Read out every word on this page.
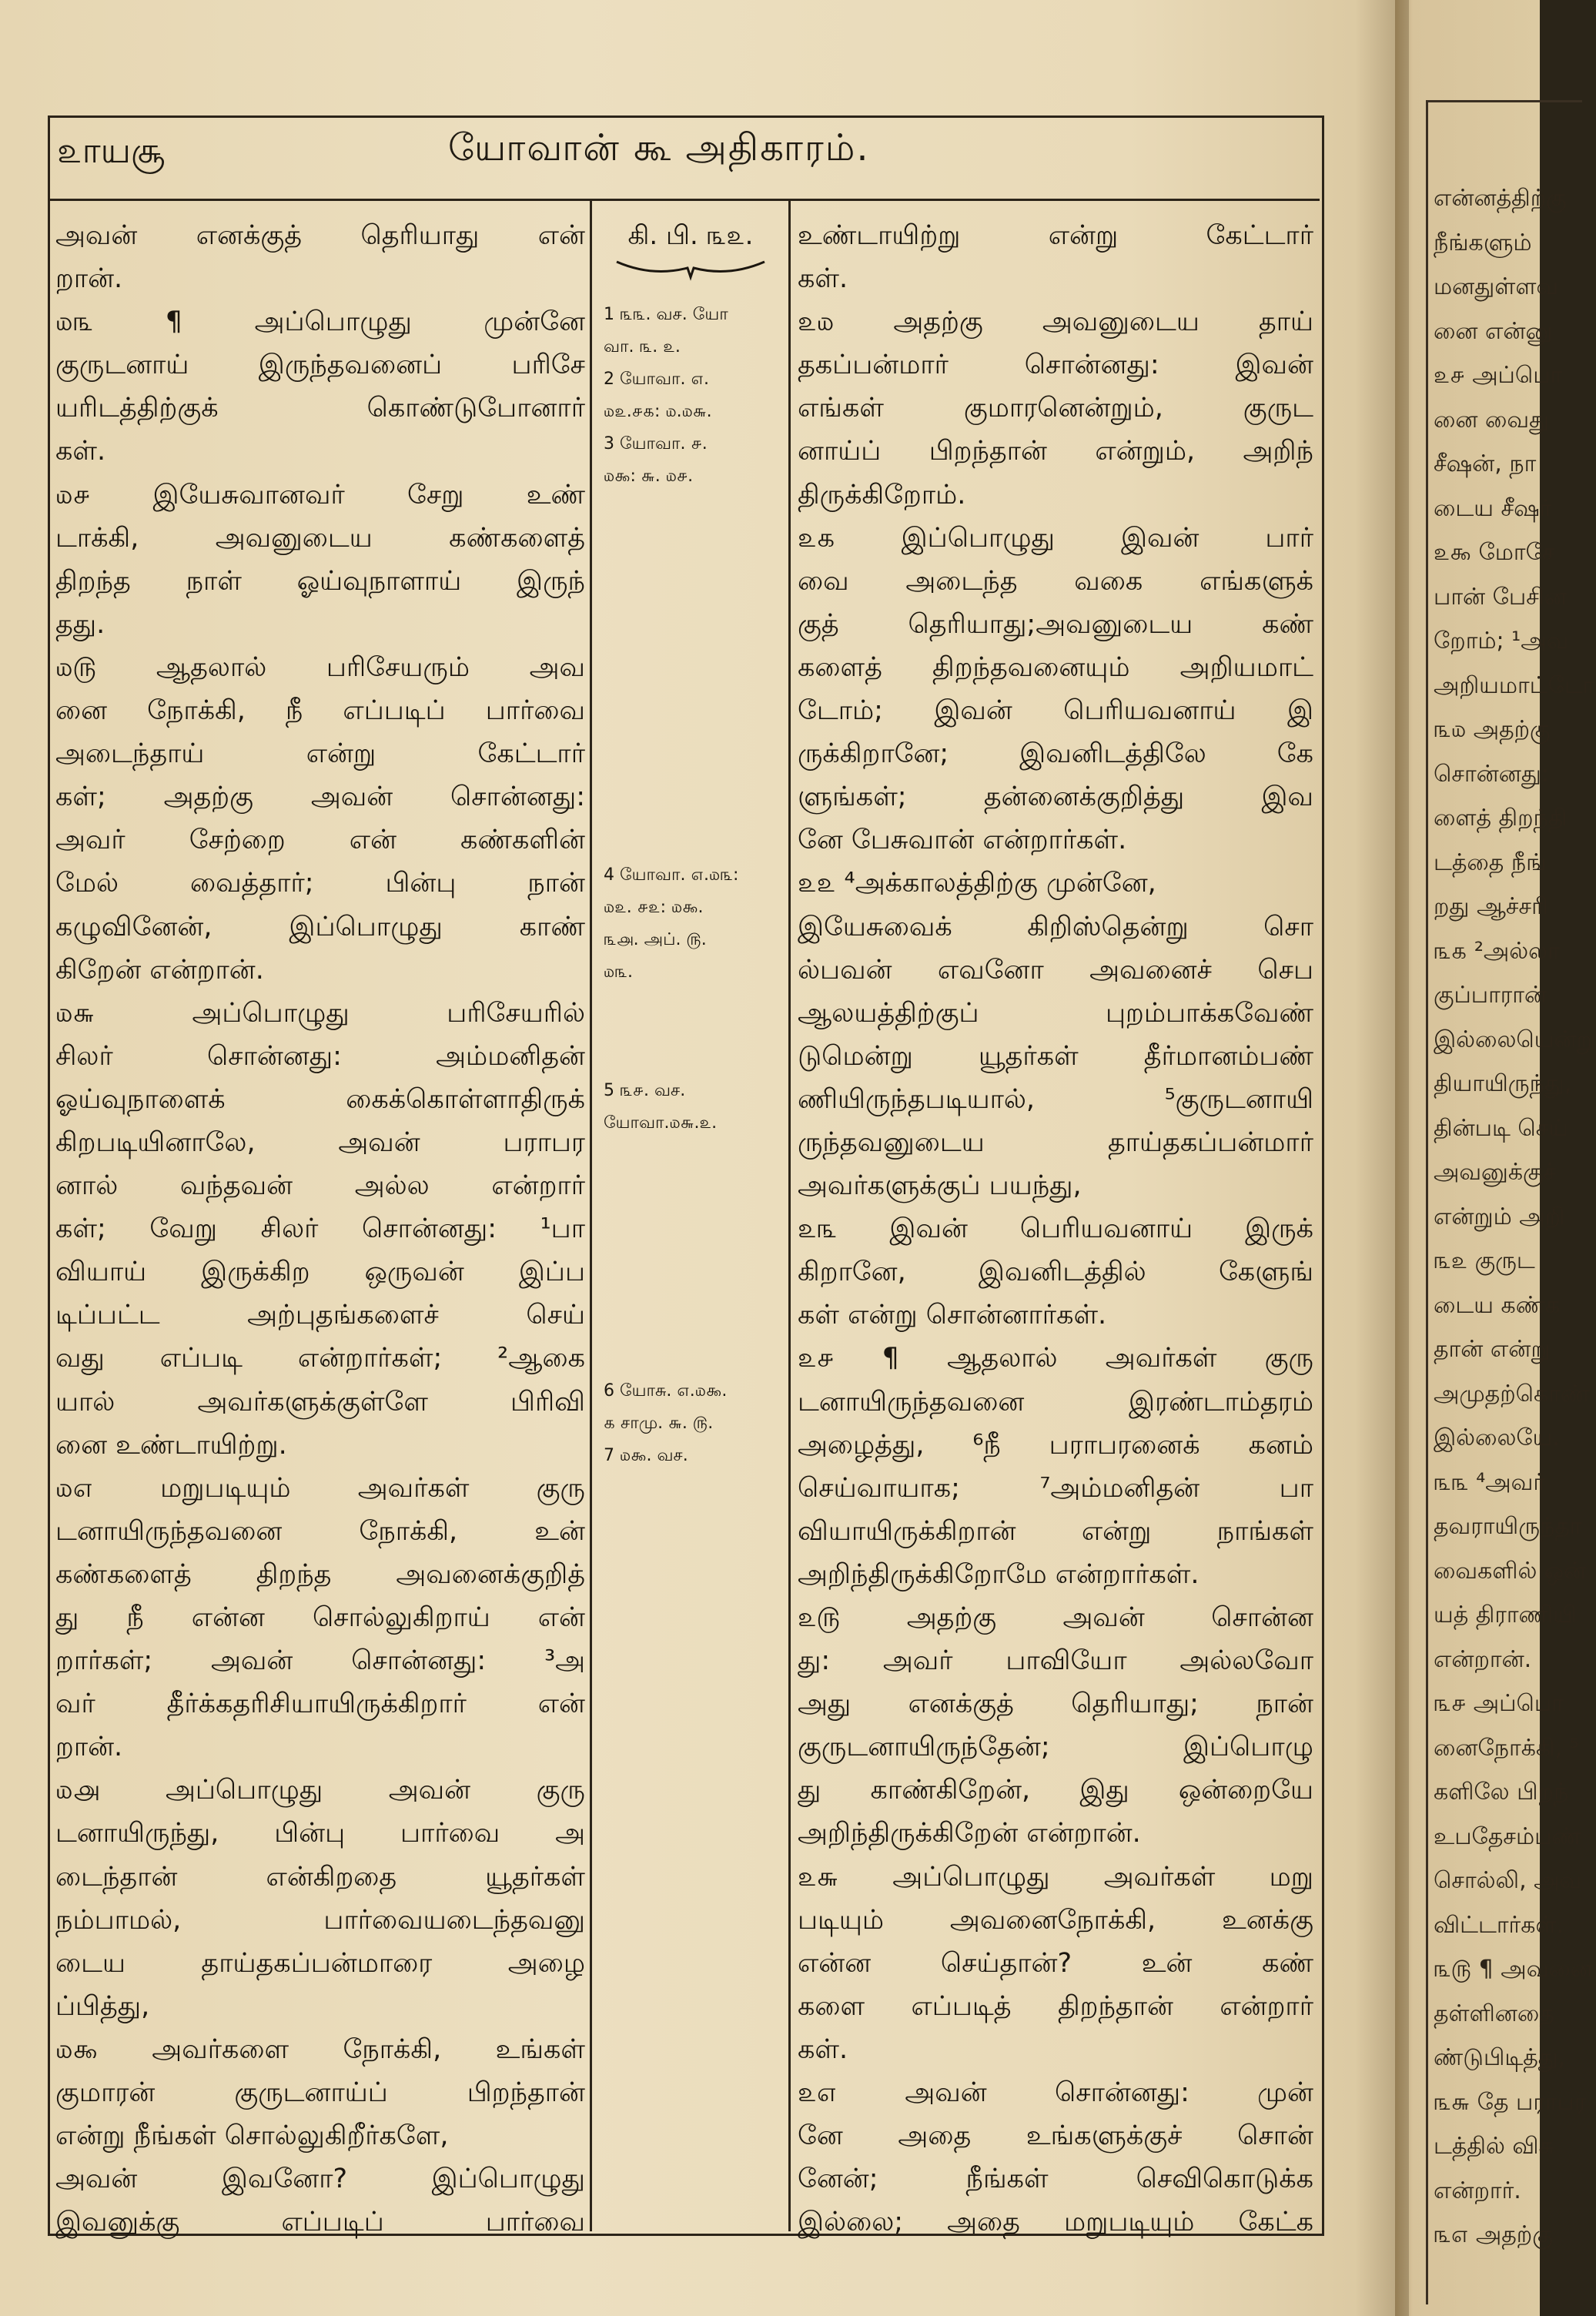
என்னத்திற்கு
நீங்களும்
மனதுள்ளவ
னை என்னு
௨௪ அப்பொ
னை வைது
சீஷன், நா
டைய சீஷர்
௨௯ மோசே
பான் பேசின
றோம்; ¹அவ
அறியமாட்டோ
௩௰ அதற்கு
சொன்னது:
ளைத் திறந்தி
டத்தை நீங்
றது ஆச்சரி
௩௧ ²அல்லா
குப்பாரான்
இல்லையென்று
தியாயிருந்து,
தின்படி செய்
அவனுக்குச்
என்றும் அறி
௩௨ குருட
டைய கண்க
தான் என்று
அமுதற்கொண்
இல்லையே.
௩௩ ⁴அவர்
தவராயிருந்தா
வைகளில் ஒன்
யத் திராணியி
என்றான்.
௩௪ அப்பொ
னைநோக்கி, ⁵
களிலே பிறந்
உபதேசம்பண்
சொல்லி, அவ
விட்டார்கள்.
௩௫ ¶ அவனை
தள்ளினதை
ண்டுபிடித்து,
௩௬ தே பராபர
டத்தில் விசு
என்றார்.
௩௭ அதற்கு
௨ாயசூ	யோவான் கூ அதிகாரம்.
அவன் எனக்குத் தெரியாது என்
றான்.
௰௩ ¶ அப்பொழுது முன்னே
குருடனாய் இருந்தவனைப் பரிசே
யரிடத்திற்குக் கொண்டுபோனார்
கள்.
௰௪ இயேசுவானவர் சேறு உண்
டாக்கி, அவனுடைய கண்களைத்
திறந்த நாள் ஓய்வுநாளாய் இருந்
தது.
௰௫ ஆதலால் பரிசேயரும் அவ
னை நோக்கி, நீ எப்படிப் பார்வை
அடைந்தாய் என்று கேட்டார்
கள்; அதற்கு அவன் சொன்னது:
அவர் சேற்றை என் கண்களின்
மேல் வைத்தார்; பின்பு நான்
கழுவினேன், இப்பொழுது காண்
கிறேன் என்றான்.
௰௬ அப்பொழுது பரிசேயரில்
சிலர் சொன்னது: அம்மனிதன்
ஓய்வுநாளைக் கைக்கொள்ளாதிருக்
கிறபடியினாலே, அவன் பராபர
னால் வந்தவன் அல்ல என்றார்
கள்; வேறு சிலர் சொன்னது: ¹பா
வியாய் இருக்கிற ஒருவன் இப்ப
டிப்பட்ட அற்புதங்களைச் செய்
வது எப்படி என்றார்கள்; ²ஆகை
யால் அவர்களுக்குள்ளே பிரிவி
னை உண்டாயிற்று.
௰௭ மறுபடியும் அவர்கள் குரு
டனாயிருந்தவனை நோக்கி, உன்
கண்களைத் திறந்த அவனைக்குறித்
து நீ என்ன சொல்லுகிறாய் என்
றார்கள்; அவன் சொன்னது: ³அ
வர் தீர்க்கதரிசியாயிருக்கிறார் என்
றான்.
௰௮ அப்பொழுது அவன் குரு
டனாயிருந்து, பின்பு பார்வை அ
டைந்தான் என்கிறதை யூதர்கள்
நம்பாமல், பார்வையடைந்தவனு
டைய தாய்தகப்பன்மாரை அழை
ப்பித்து,
௰௯ அவர்களை நோக்கி, உங்கள்
குமாரன் குருடனாய்ப் பிறந்தான்
என்று நீங்கள் சொல்லுகிறீர்களே,
அவன் இவனோ? இப்பொழுது
இவனுக்கு எப்படிப் பார்வை
கி. பி. ௩௨.
1 ௩௩. வச. யோ
வா. ௩. ௨.
2 யோவா. ௭.
௰௨.௪௧: ௰.௰௬.
3 யோவா. ௪.
௰௯: ௬. ௰௪.
4 யோவா. ௭.௰௩:
௰௨. ௪௨: ௰௯.
௩௮. அப். ௫.
௰௩.
5 ௩௪. வச.
யோவா.௰௬.௨.
6 யோசு. ௭.௰௯.
௧ சாமு. ௬. ௫.
7 ௰௯. வச.
உண்டாயிற்று என்று கேட்டார்
கள்.
௨௰ அதற்கு அவனுடைய தாய்
தகப்பன்மார் சொன்னது: இவன்
எங்கள் குமாரனென்றும், குருட
னாய்ப் பிறந்தான் என்றும், அறிந்
திருக்கிறோம்.
௨௧ இப்பொழுது இவன் பார்
வை அடைந்த வகை எங்களுக்
குத் தெரியாது;அவனுடைய கண்
களைத் திறந்தவனையும் அறியமாட்
டோம்; இவன் பெரியவனாய் இ
ருக்கிறானே; இவனிடத்திலே கே
ளுங்கள்; தன்னைக்குறித்து இவ
னே பேசுவான் என்றார்கள்.
௨௨ ⁴அக்காலத்திற்கு முன்னே,
இயேசுவைக் கிறிஸ்தென்று சொ
ல்பவன் எவனோ அவனைச் செப
ஆலயத்திற்குப் புறம்பாக்கவேண்
டுமென்று யூதர்கள் தீர்மானம்பண்
ணியிருந்தபடியால், ⁵குருடனாயி
ருந்தவனுடைய தாய்தகப்பன்மார்
அவர்களுக்குப் பயந்து,
௨௩ இவன் பெரியவனாய் இருக்
கிறானே, இவனிடத்தில் கேளுங்
கள் என்று சொன்னார்கள்.
௨௪ ¶ ஆதலால் அவர்கள் குரு
டனாயிருந்தவனை இரண்டாம்தரம்
அழைத்து, ⁶நீ பராபரனைக் கனம்
செய்வாயாக; ⁷அம்மனிதன் பா
வியாயிருக்கிறான் என்று நாங்கள்
அறிந்திருக்கிறோமே என்றார்கள்.
௨௫ அதற்கு அவன் சொன்ன
து: அவர் பாவியோ அல்லவோ
அது எனக்குத் தெரியாது; நான்
குருடனாயிருந்தேன்; இப்பொழு
து காண்கிறேன், இது ஒன்றையே
அறிந்திருக்கிறேன் என்றான்.
௨௬ அப்பொழுது அவர்கள் மறு
படியும் அவனைநோக்கி, உனக்கு
என்ன செய்தான்? உன் கண்
களை எப்படித் திறந்தான் என்றார்
கள்.
௨௭ அவன் சொன்னது: முன்
னே அதை உங்களுக்குச் சொன்
னேன்; நீங்கள் செவிகொடுக்க
இல்லை; அதை மறுபடியும் கேட்க
